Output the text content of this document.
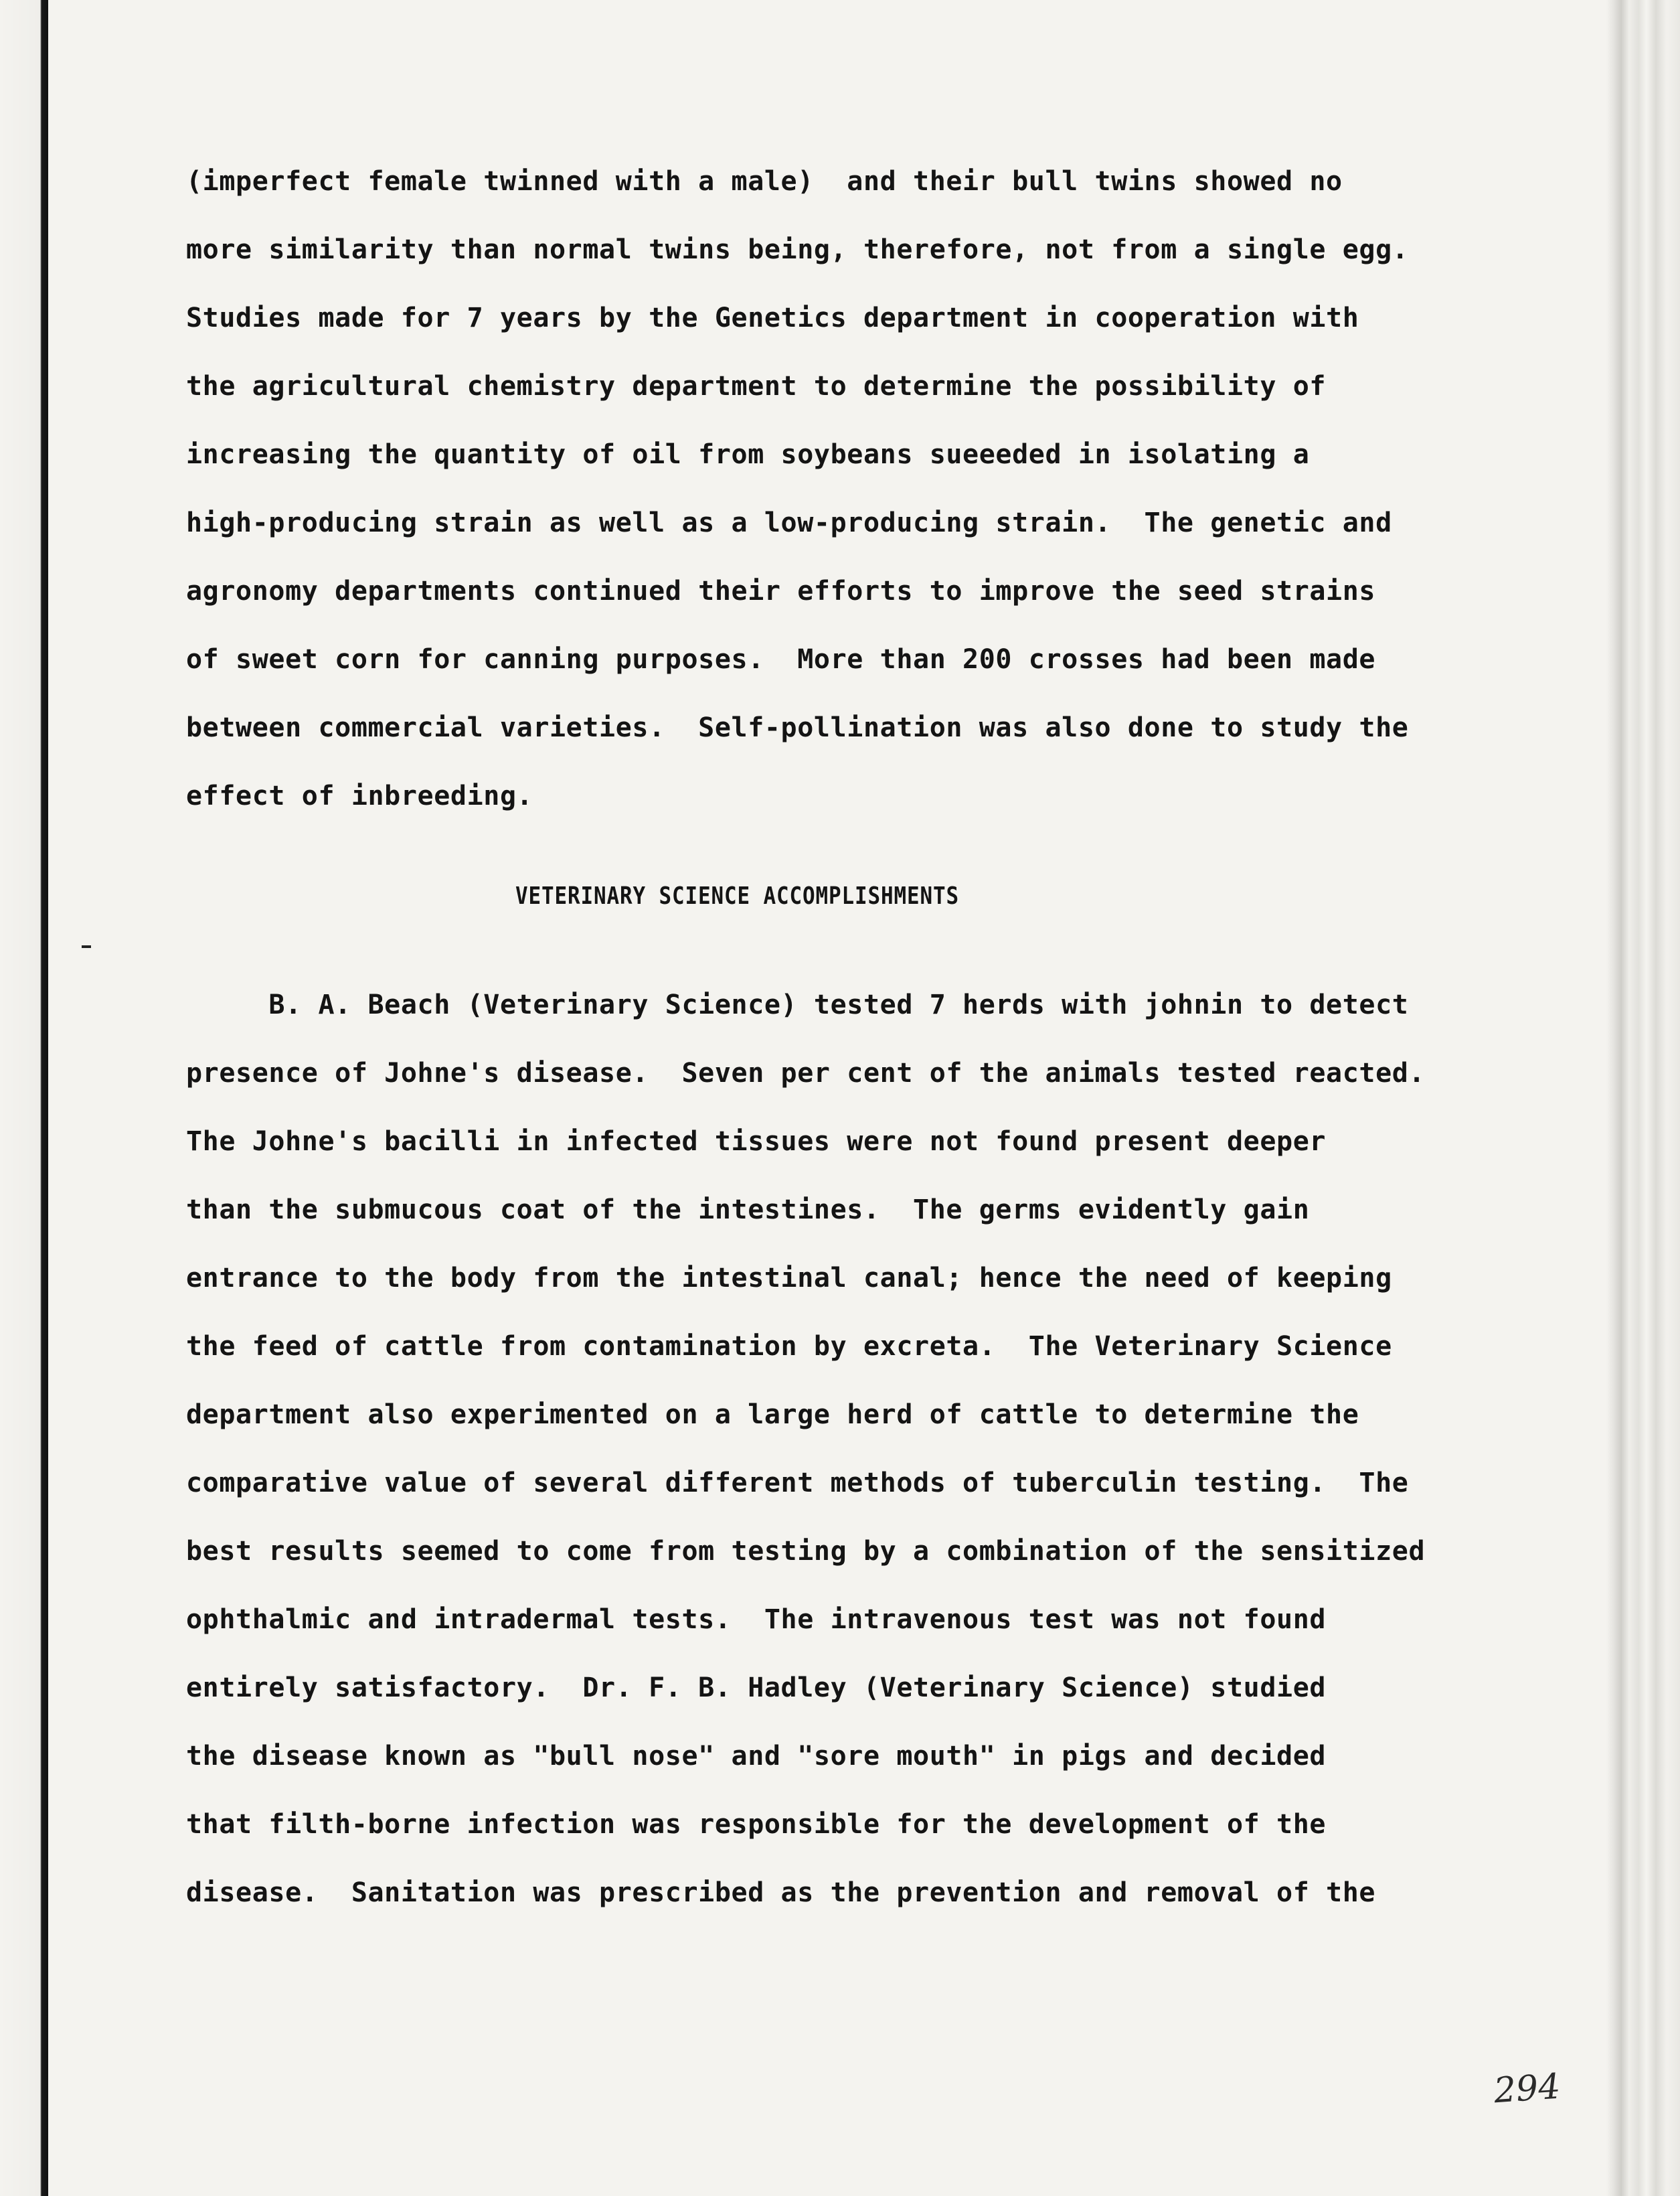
(imperfect female twinned with a male)  and their bull twins showed no
more similarity than normal twins being, therefore, not from a single egg.
Studies made for 7 years by the Genetics department in cooperation with
the agricultural chemistry department to determine the possibility of
increasing the quantity of oil from soybeans sueeeded in isolating a
high-producing strain as well as a low-producing strain.  The genetic and
agronomy departments continued their efforts to improve the seed strains
of sweet corn for canning purposes.  More than 200 crosses had been made
between commercial varieties.  Self-pollination was also done to study the
effect of inbreeding.
VETERINARY SCIENCE ACCOMPLISHMENTS
B. A. Beach (Veterinary Science) tested 7 herds with johnin to detect
presence of Johne's disease.  Seven per cent of the animals tested reacted.
The Johne's bacilli in infected tissues were not found present deeper
than the submucous coat of the intestines.  The germs evidently gain
entrance to the body from the intestinal canal; hence the need of keeping
the feed of cattle from contamination by excreta.  The Veterinary Science
department also experimented on a large herd of cattle to determine the
comparative value of several different methods of tuberculin testing.  The
best results seemed to come from testing by a combination of the sensitized
ophthalmic and intradermal tests.  The intravenous test was not found
entirely satisfactory.  Dr. F. B. Hadley (Veterinary Science) studied
the disease known as "bull nose" and "sore mouth" in pigs and decided
that filth-borne infection was responsible for the development of the
disease.  Sanitation was prescribed as the prevention and removal of the
294
